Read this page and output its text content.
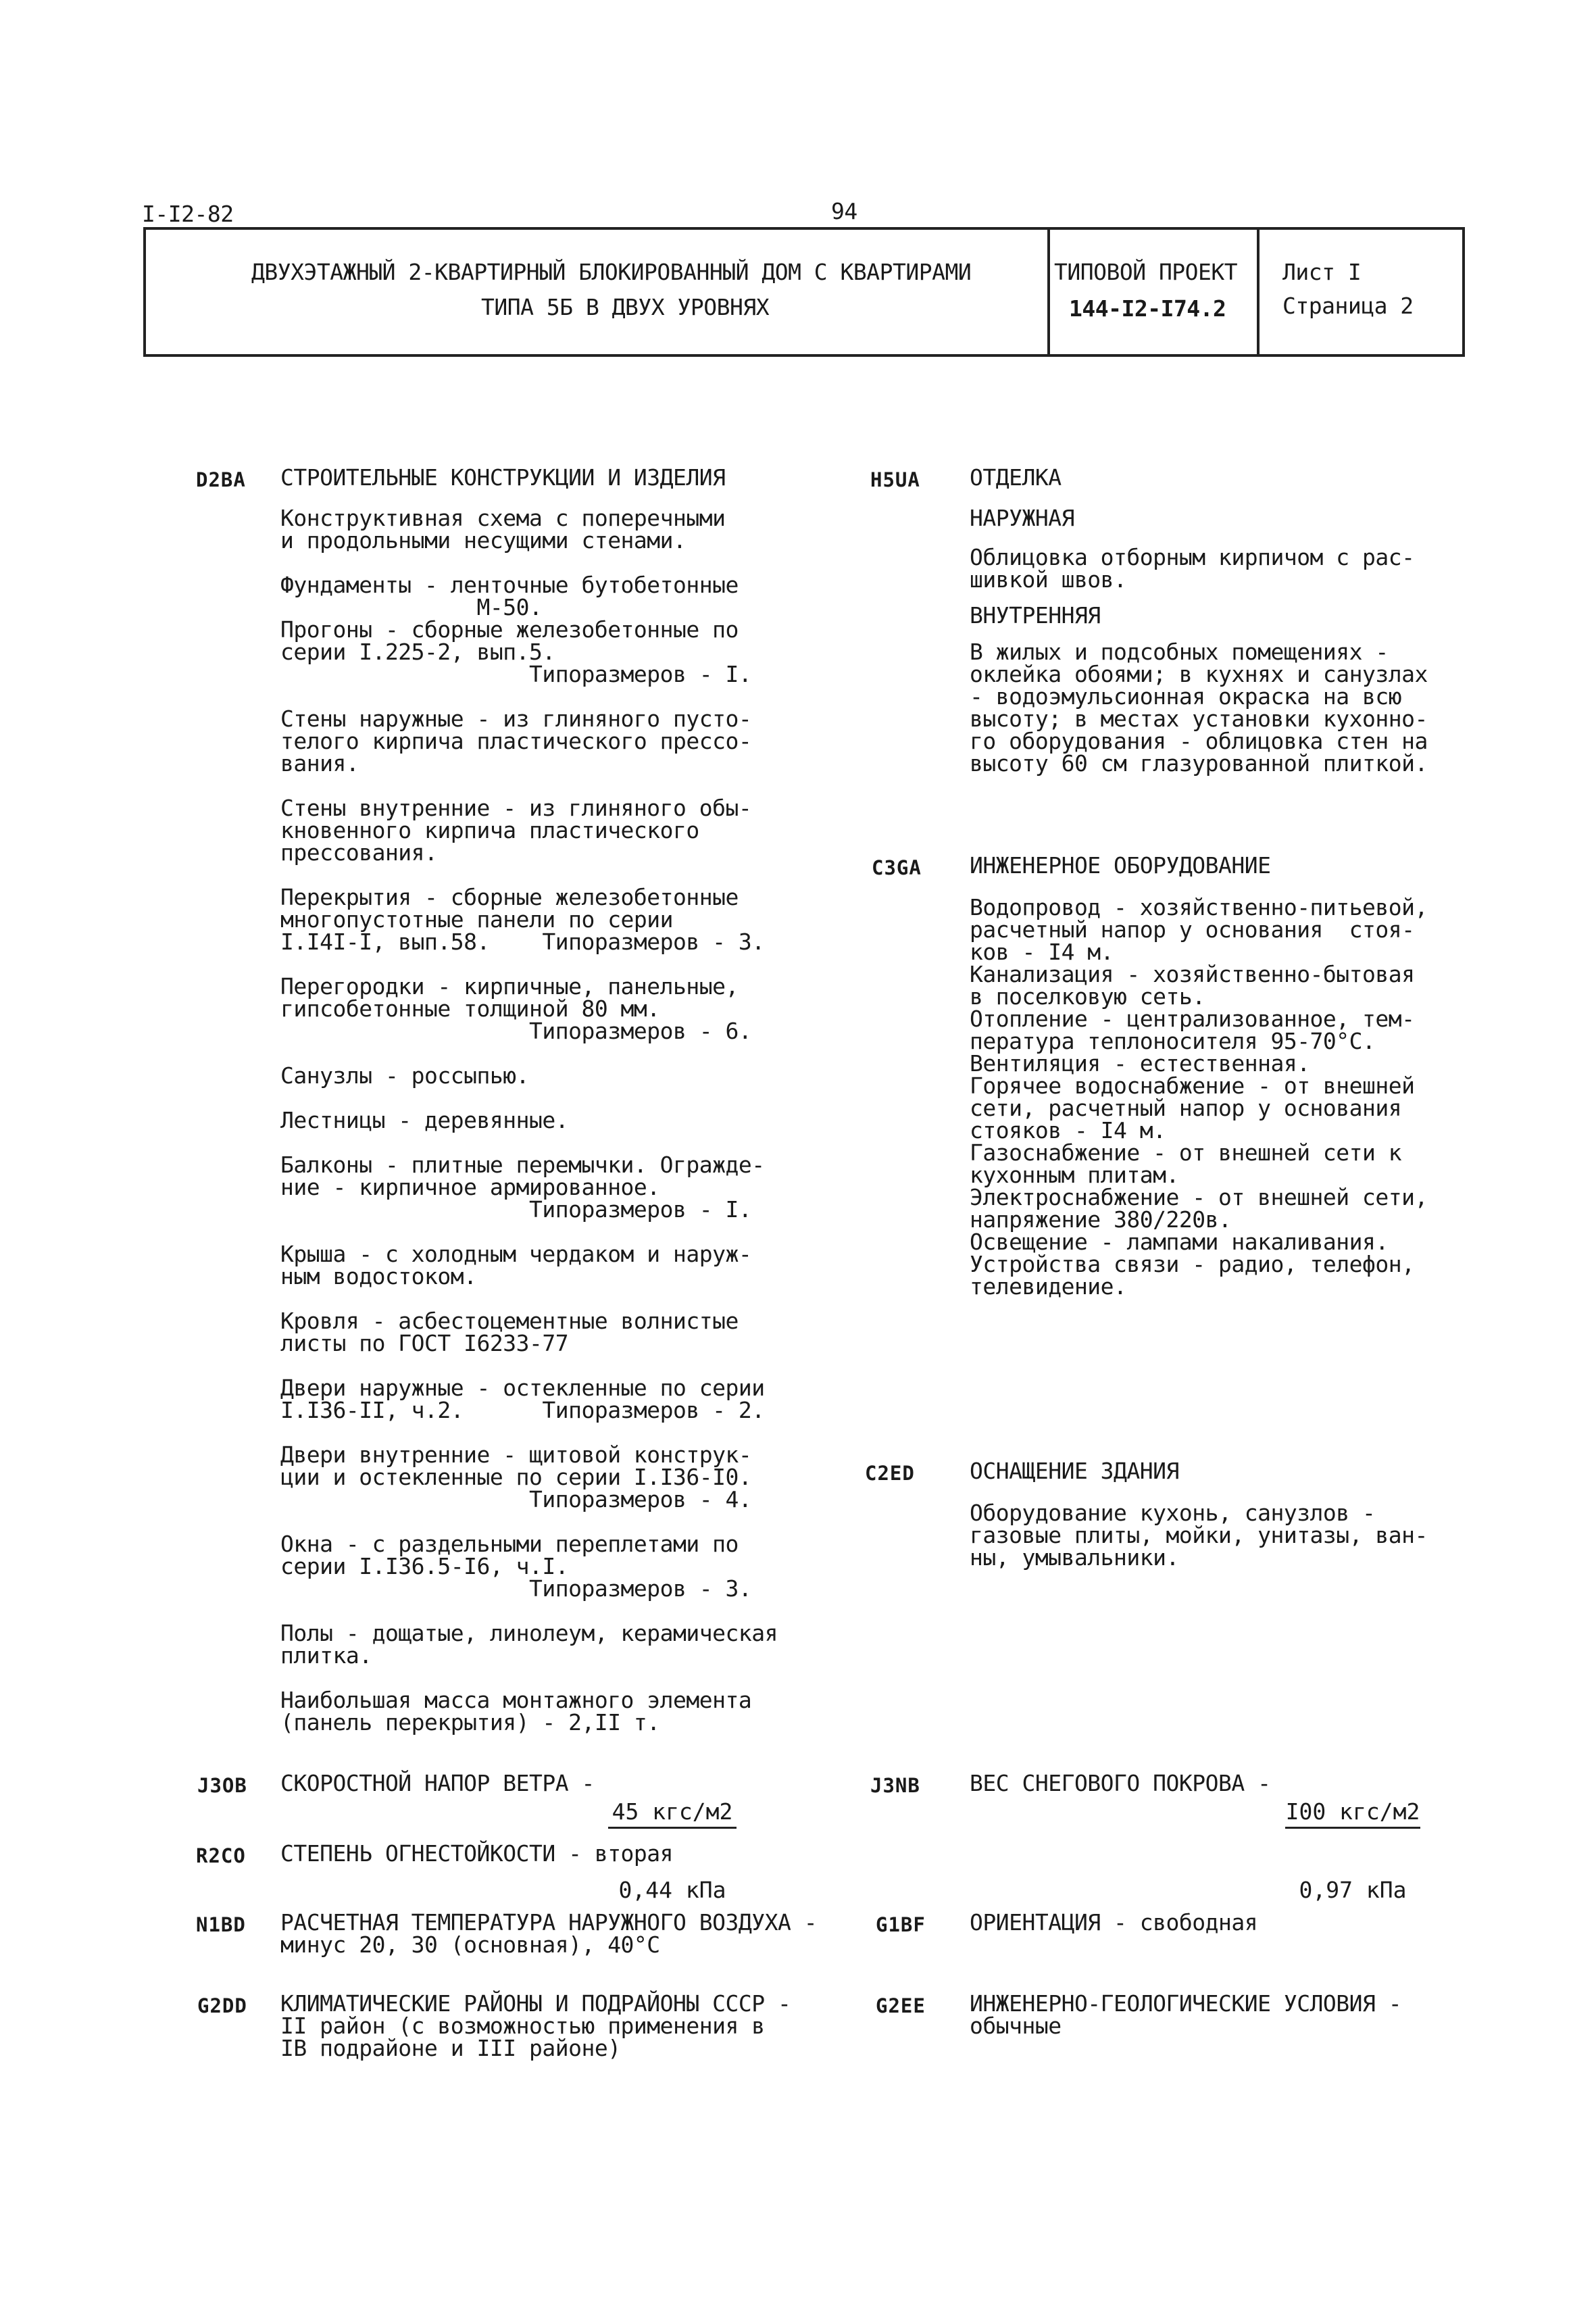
I-I2-82	94
ДВУХЭТАЖНЫЙ 2-КВАРТИРНЫЙ БЛОКИРОВАННЫЙ ДОМ С КВАРТИРАМИ
ТИПА 5Б В ДВУХ УРОВНЯХ
ТИПОВОЙ ПРОЕКТ
144-I2-I74.2
Лист I
Страница 2
D2BA СТРОИТЕЛЬНЫЕ КОНСТРУКЦИИ И ИЗДЕЛИЯ
Конструктивная схема с поперечными
и продольными несущими стенами.

Фундаменты - ленточные бутобетонные
М-50.
Прогоны - сборные железобетонные по
серии I.225-2, вып.5.
Типоразмеров - I.

Стены наружные - из глиняного пусто-
телого кирпича пластического прессо-
вания.

Стены внутренние - из глиняного обы-
кновенного кирпича пластического
прессования.

Перекрытия - сборные железобетонные
многопустотные панели по серии
I.I4I-I, вып.58.    Типоразмеров - 3.

Перегородки - кирпичные, панельные,
гипсобетонные толщиной 80 мм.
Типоразмеров - 6.

Санузлы - россыпью.

Лестницы - деревянные.

Балконы - плитные перемычки. Огражде-
ние - кирпичное армированное.
Типоразмеров - I.

Крыша - с холодным чердаком и наруж-
ным водостоком.

Кровля - асбестоцементные волнистые
листы по ГОСТ I6233-77

Двери наружные - остекленные по серии
I.I36-II, ч.2.      Типоразмеров - 2.

Двери внутренние - щитовой конструк-
ции и остекленные по серии I.I36-I0.
Типоразмеров - 4.

Окна - с раздельными переплетами по
серии I.I36.5-I6, ч.I.
Типоразмеров - 3.

Полы - дощатые, линолеум, керамическая
плитка.

Наибольшая масса монтажного элемента
(панель перекрытия) - 2,II т.
H5UA ОТДЕЛКА
НАРУЖНАЯ
Облицовка отборным кирпичом с рас-
шивкой швов.
ВНУТРЕННЯЯ
В жилых и подсобных помещениях -
оклейка обоями; в кухнях и санузлах
- водоэмульсионная окраска на всю
высоту; в местах установки кухонно-
го оборудования - облицовка стен на
высоту 60 см глазурованной плиткой.
C3GA ИНЖЕНЕРНОЕ ОБОРУДОВАНИЕ
Водопровод - хозяйственно-питьевой,
расчетный напор у основания  стоя-
ков - I4 м.
Канализация - хозяйственно-бытовая
в поселковую сеть.
Отопление - централизованное, тем-
пература теплоносителя 95-70°С.
Вентиляция - естественная.
Горячее водоснабжение - от внешней
сети, расчетный напор у основания
стояков - I4 м.
Газоснабжение - от внешней сети к
кухонным плитам.
Электроснабжение - от внешней сети,
напряжение 380/220в.
Освещение - лампами накаливания.
Устройства связи - радио, телефон,
телевидение.
C2ED ОСНАЩЕНИЕ ЗДАНИЯ
Оборудование кухонь, санузлов -
газовые плиты, мойки, унитазы, ван-
ны, умывальники.
J3OB СКОРОСТНОЙ НАПОР ВЕТРА -

45 кгс/м2

0,44 кПа

J3NB ВЕС СНЕГОВОГО ПОКРОВА -

I00 кгс/м2

0,97 кПа

R2CO СТЕПЕНЬ ОГНЕСТОЙКОСТИ - вторая
N1BD РАСЧЕТНАЯ ТЕМПЕРАТУРА НАРУЖНОГО ВОЗДУХА -
минус 20, 30 (основная), 40°С
G1BF ОРИЕНТАЦИЯ - свободная
G2DD КЛИМАТИЧЕСКИЕ РАЙОНЫ И ПОДРАЙОНЫ СССР -
II район (с возможностью применения в
IВ подрайоне и III районе)
G2EE ИНЖЕНЕРНО-ГЕОЛОГИЧЕСКИЕ УСЛОВИЯ -
обычные
